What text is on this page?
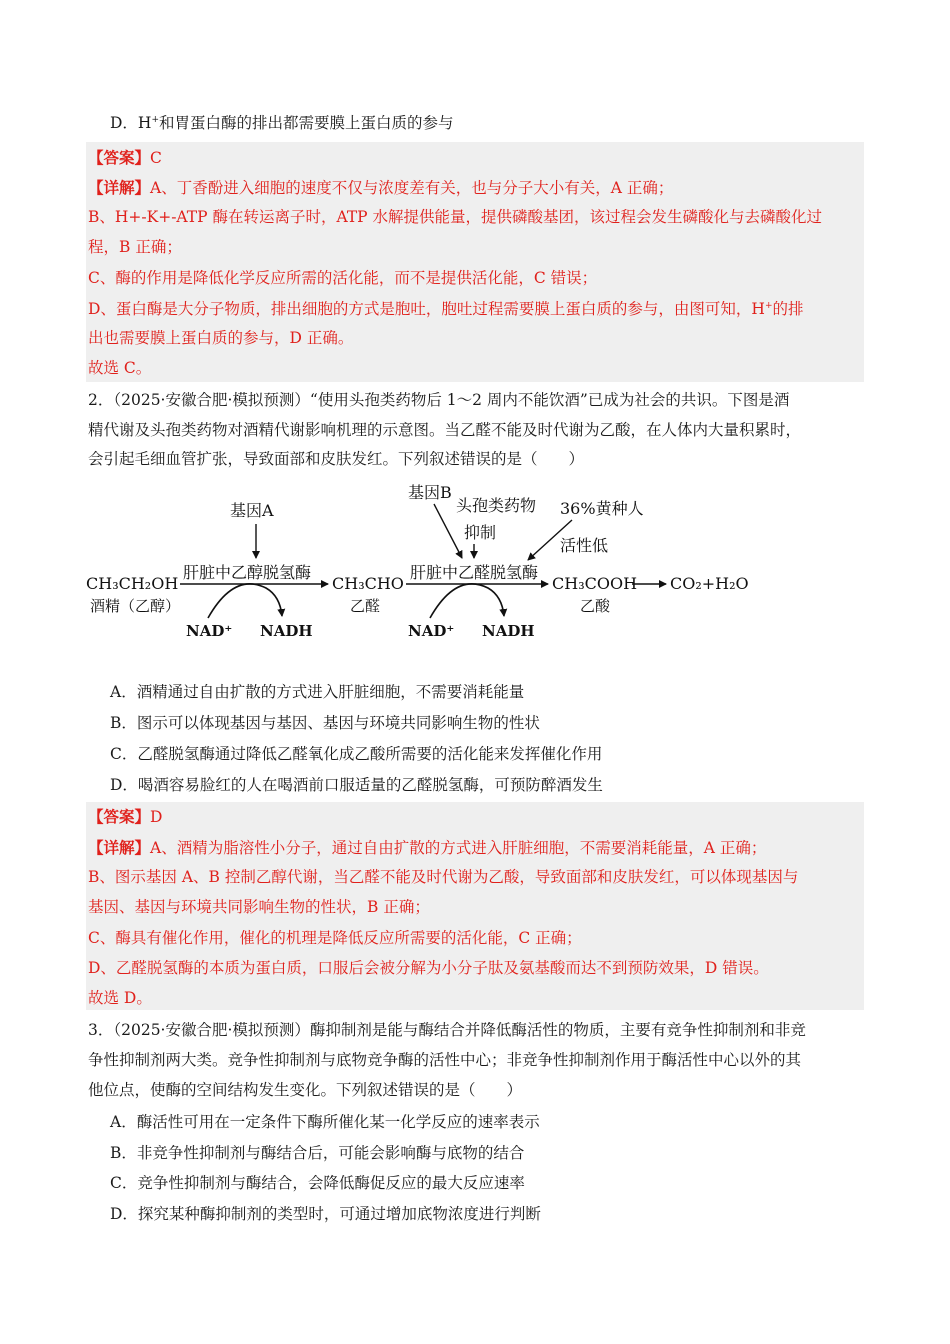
D．H+和胃蛋白酶的排出都需要膜上蛋白质的参与
【答案】C
【详解】A、丁香酚进入细胞的速度不仅与浓度差有关，也与分子大小有关，A 正确；
B、H+-K+-ATP 酶在转运离子时，ATP 水解提供能量，提供磷酸基团，该过程会发生磷酸化与去磷酸化过
程，B 正确；
C、酶的作用是降低化学反应所需的活化能，而不是提供活化能，C 错误；
D、蛋白酶是大分子物质，排出细胞的方式是胞吐，胞吐过程需要膜上蛋白质的参与，由图可知，H+的排
出也需要膜上蛋白质的参与，D 正确。
故选 C。
2．（2025·安徽合肥·模拟预测）“使用头孢类药物后 1～2 周内不能饮酒”已成为社会的共识。下图是酒
精代谢及头孢类药物对酒精代谢影响机理的示意图。当乙醛不能及时代谢为乙酸，在人体内大量积累时，
会引起毛细血管扩张，导致面部和皮肤发红。下列叙述错误的是（　　）
基因A
基因B
头孢类药物
抑制
36%黄种人
活性低
肝脏中乙醇脱氢酶	肝脏中乙醛脱氢酶
CH₃CH₂OH
酒精（乙醇）
CH₃CHO
乙醛
CH₃COOH
乙酸
CO₂+H₂O
NAD⁺ NADH	NAD⁺ NADH
A．酒精通过自由扩散的方式进入肝脏细胞，不需要消耗能量
B．图示可以体现基因与基因、基因与环境共同影响生物的性状
C．乙醛脱氢酶通过降低乙醛氧化成乙酸所需要的活化能来发挥催化作用
D．喝酒容易脸红的人在喝酒前口服适量的乙醛脱氢酶，可预防醉酒发生
【答案】D
【详解】A、酒精为脂溶性小分子，通过自由扩散的方式进入肝脏细胞，不需要消耗能量，A 正确；
B、图示基因 A、B 控制乙醇代谢，当乙醛不能及时代谢为乙酸，导致面部和皮肤发红，可以体现基因与
基因、基因与环境共同影响生物的性状，B 正确；
C、酶具有催化作用，催化的机理是降低反应所需要的活化能，C 正确；
D、乙醛脱氢酶的本质为蛋白质，口服后会被分解为小分子肽及氨基酸而达不到预防效果，D 错误。
故选 D。
3．（2025·安徽合肥·模拟预测）酶抑制剂是能与酶结合并降低酶活性的物质，主要有竞争性抑制剂和非竞
争性抑制剂两大类。竞争性抑制剂与底物竞争酶的活性中心；非竞争性抑制剂作用于酶活性中心以外的其
他位点，使酶的空间结构发生变化。下列叙述错误的是（　　）
A．酶活性可用在一定条件下酶所催化某一化学反应的速率表示
B．非竞争性抑制剂与酶结合后，可能会影响酶与底物的结合
C．竞争性抑制剂与酶结合，会降低酶促反应的最大反应速率
D．探究某种酶抑制剂的类型时，可通过增加底物浓度进行判断
